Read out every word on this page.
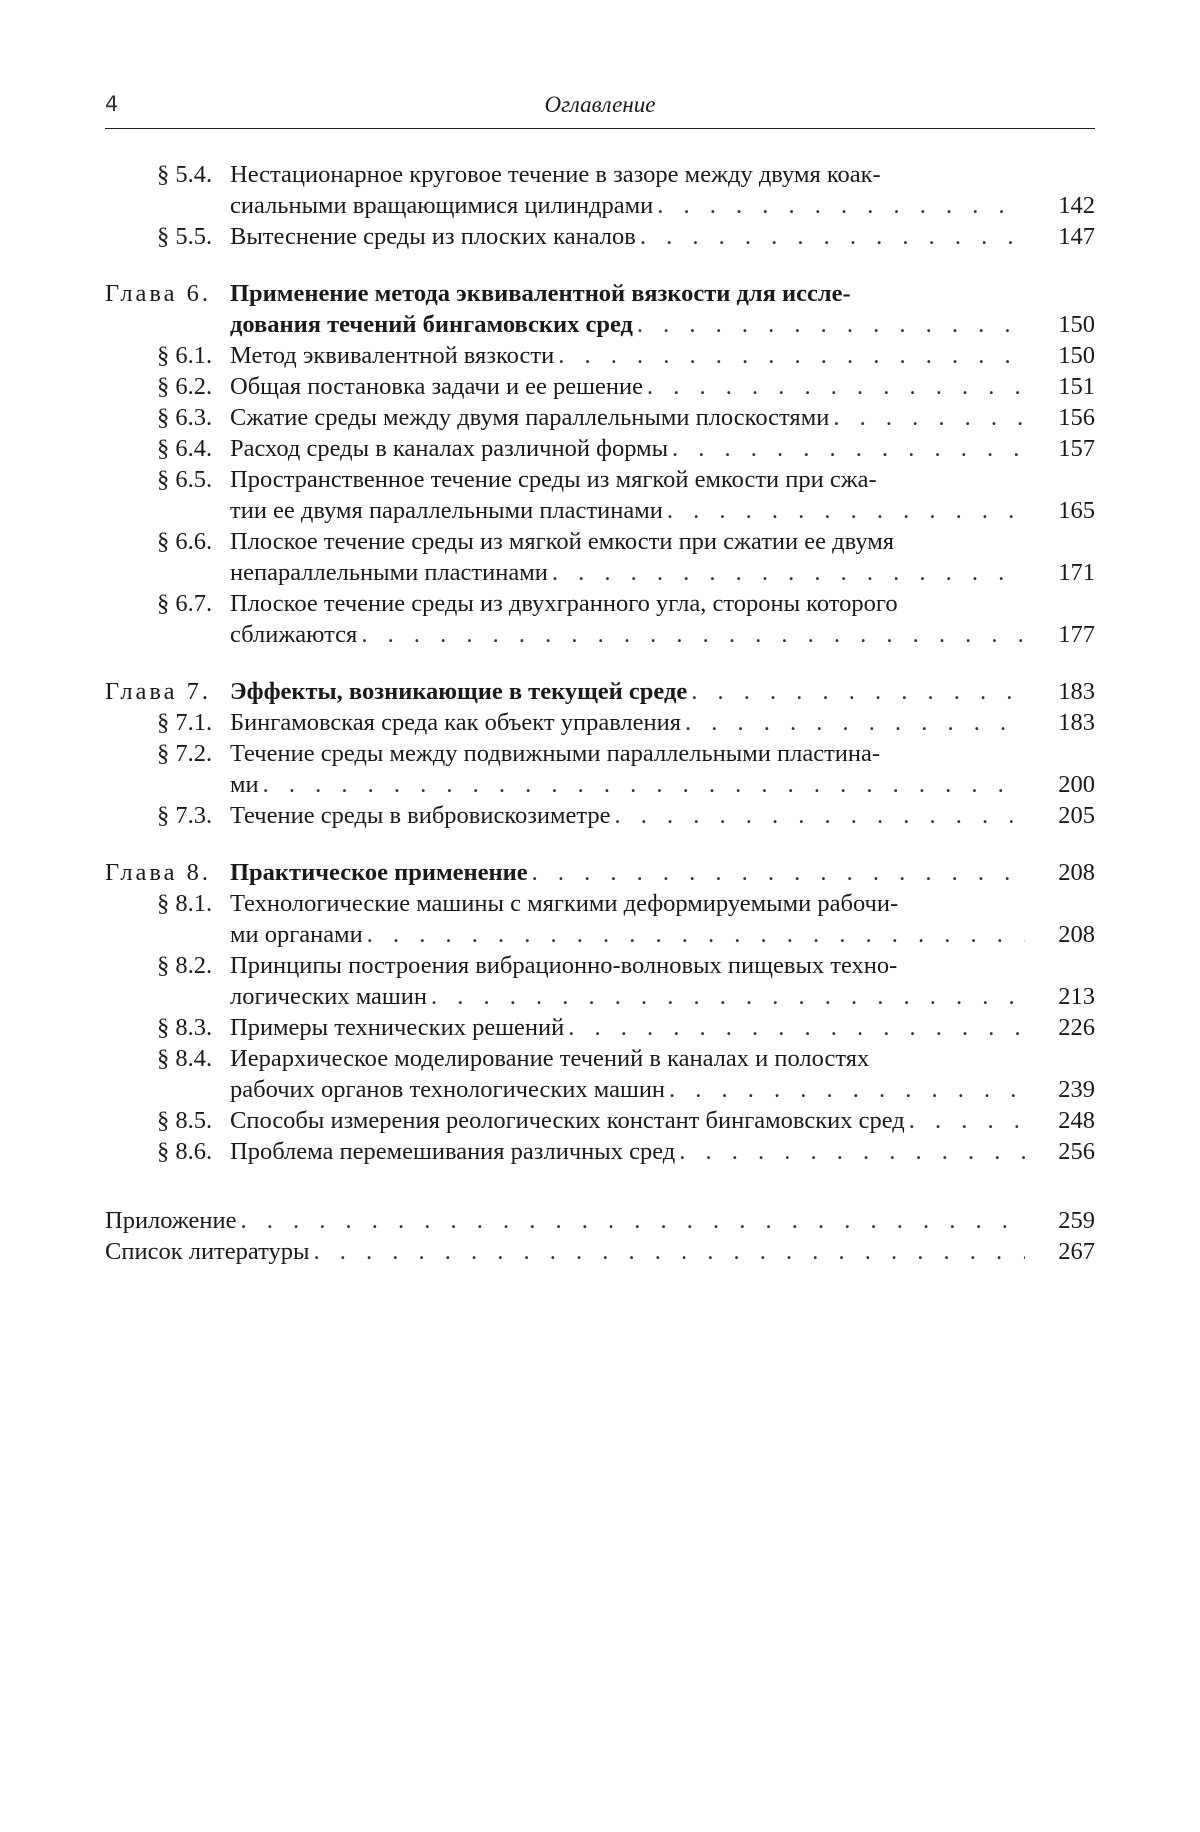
4	Оглавление
§ 5.4. Нестационарное круговое течение в зазоре между двумя коак-
сиальными вращающимися цилиндрами . . .	142
§ 5.5. Вытеснение среды из плоских каналов . . .	147
Глава 6. Применение метода эквивалентной вязкости для иссле-
дования течений бингамовских сред . . .	150
§ 6.1. Метод эквивалентной вязкости . . .	150
§ 6.2. Общая постановка задачи и ее решение . . .	151
§ 6.3. Сжатие среды между двумя параллельными плоскостями . . .	156
§ 6.4. Расход среды в каналах различной формы . . .	157
§ 6.5. Пространственное течение среды из мягкой емкости при сжа-
тии ее двумя параллельными пластинами . . .	165
§ 6.6. Плоское течение среды из мягкой емкости при сжатии ее двумя
непараллельными пластинами . . .	171
§ 6.7. Плоское течение среды из двухгранного угла, стороны которого
сближаются . . .	177
Глава 7. Эффекты, возникающие в текущей среде . . .	183
§ 7.1. Бингамовская среда как объект управления . . .	183
§ 7.2. Течение среды между подвижными параллельными пластина-
ми . . .	200
§ 7.3. Течение среды в вибровискозиметре . . .	205
Глава 8. Практическое применение . . .	208
§ 8.1. Технологические машины с мягкими деформируемыми рабочи-
ми органами . . .	208
§ 8.2. Принципы построения вибрационно-волновых пищевых техно-
логических машин . . .	213
§ 8.3. Примеры технических решений . . .	226
§ 8.4. Иерархическое моделирование течений в каналах и полостях
рабочих органов технологических машин . . .	239
§ 8.5. Способы измерения реологических констант бингамовских сред . . .	248
§ 8.6. Проблема перемешивания различных сред . . .	256
Приложение . . .	259
Список литературы . . .	267
